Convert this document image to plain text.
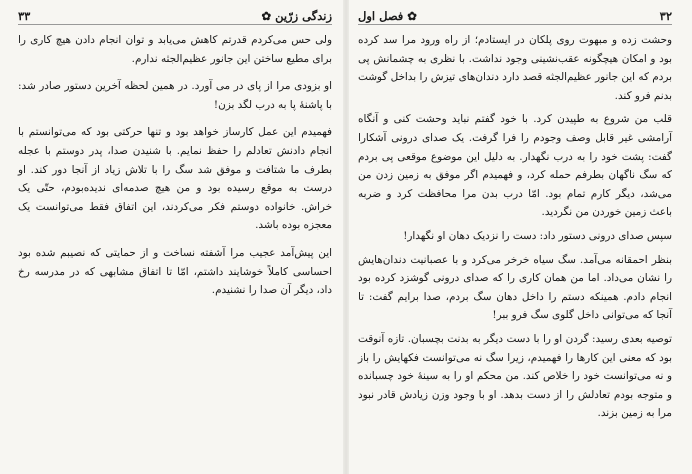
زندگی زرّین ✿
۳۳

ولی حس می‌کردم قدرتم کاهش می‌یابد و توان انجام دادن هیچ کاری را برای مطیع ساختن این جانور عظیم‌الجثه ندارم.

او بزودی مرا از پای در می آورد. در همین لحظه آخرین دستور صادر شد: با پاشنهٔ پا به درب لگد بزن!

فهمیدم این عمل کارساز خواهد بود و تنها حرکتی بود که می‌توانستم با انجام دادنش تعادلم را حفظ نمایم. با شنیدن صدا، پدر دوستم با عجله بطرف ما شتافت و موفق شد سگ را با تلاش زیاد از آنجا دور کند. او درست به موقع رسیده بود و من هیچ صدمه‌ای ندیده‌بودم، حتّی یک خراش. خانواده دوستم فکر می‌کردند، این اتفاق فقط می‌توانست یک معجزه بوده باشد.

این پیش‌آمد عجیب مرا آشفته نساخت و از حمایتی که نصیبم شده بود احساسی کاملاً خوشایند داشتم، امّا تا اتفاق مشابهی که در مدرسه رخ داد، دیگر آن صدا را نشنیدم.

۳۲
✿ فصل اول

وحشت زده و مبهوت روی پلکان در ایستادم؛ از راه ورود مرا سد کرده بود و امکان هیچگونه عقب‌نشینی وجود نداشت. با نظری به چشمانش پی بردم که این جانور عظیم‌الجثه قصد دارد دندان‌های تیزش را بداخل گوشت بدنم فرو کند.

قلب من شروع به طپیدن کرد. با خود گفتم نباید وحشت کنی و آنگاه آرامشی غیر قابل وصف وجودم را فرا گرفت. یک صدای درونی آشکارا گفت: پشت خود را به درب نگهدار. به دلیل این موضوع موقعی پی بردم که سگ ناگهان بطرفم حمله کرد، و فهمیدم اگر موفق به زمین زدن من می‌شد، دیگر کارم تمام بود. امّا درب بدن مرا محافظت کرد و ضربه باعث زمین خوردن من نگردید.

سپس صدای درونی دستور داد: دست را نزدیک دهان او نگهدار!

بنظر احمقانه می‌آمد. سگ سیاه خرخر می‌کرد و با عصبانیت دندان‌هایش را نشان می‌داد. اما من همان کاری را که صدای درونی گوشزد کرده بود انجام دادم. همینکه دستم را داخل دهان سگ بردم، صدا برایم گفت: تا آنجا که می‌توانی داخل گلوی سگ فرو ببر!

توصیه بعدی رسید: گردن او را با دست دیگر به بدنت بچسبان. تازه آنوقت بود که معنی این کارها را فهمیدم، زیرا سگ نه می‌توانست فکهایش را باز و نه می‌توانست خود را خلاص کند. من محکم او را به سینهٔ خود چسبانده و متوجه بودم تعادلش را از دست بدهد. او با وجود وزن زیادش قادر نبود مرا به زمین بزند.
